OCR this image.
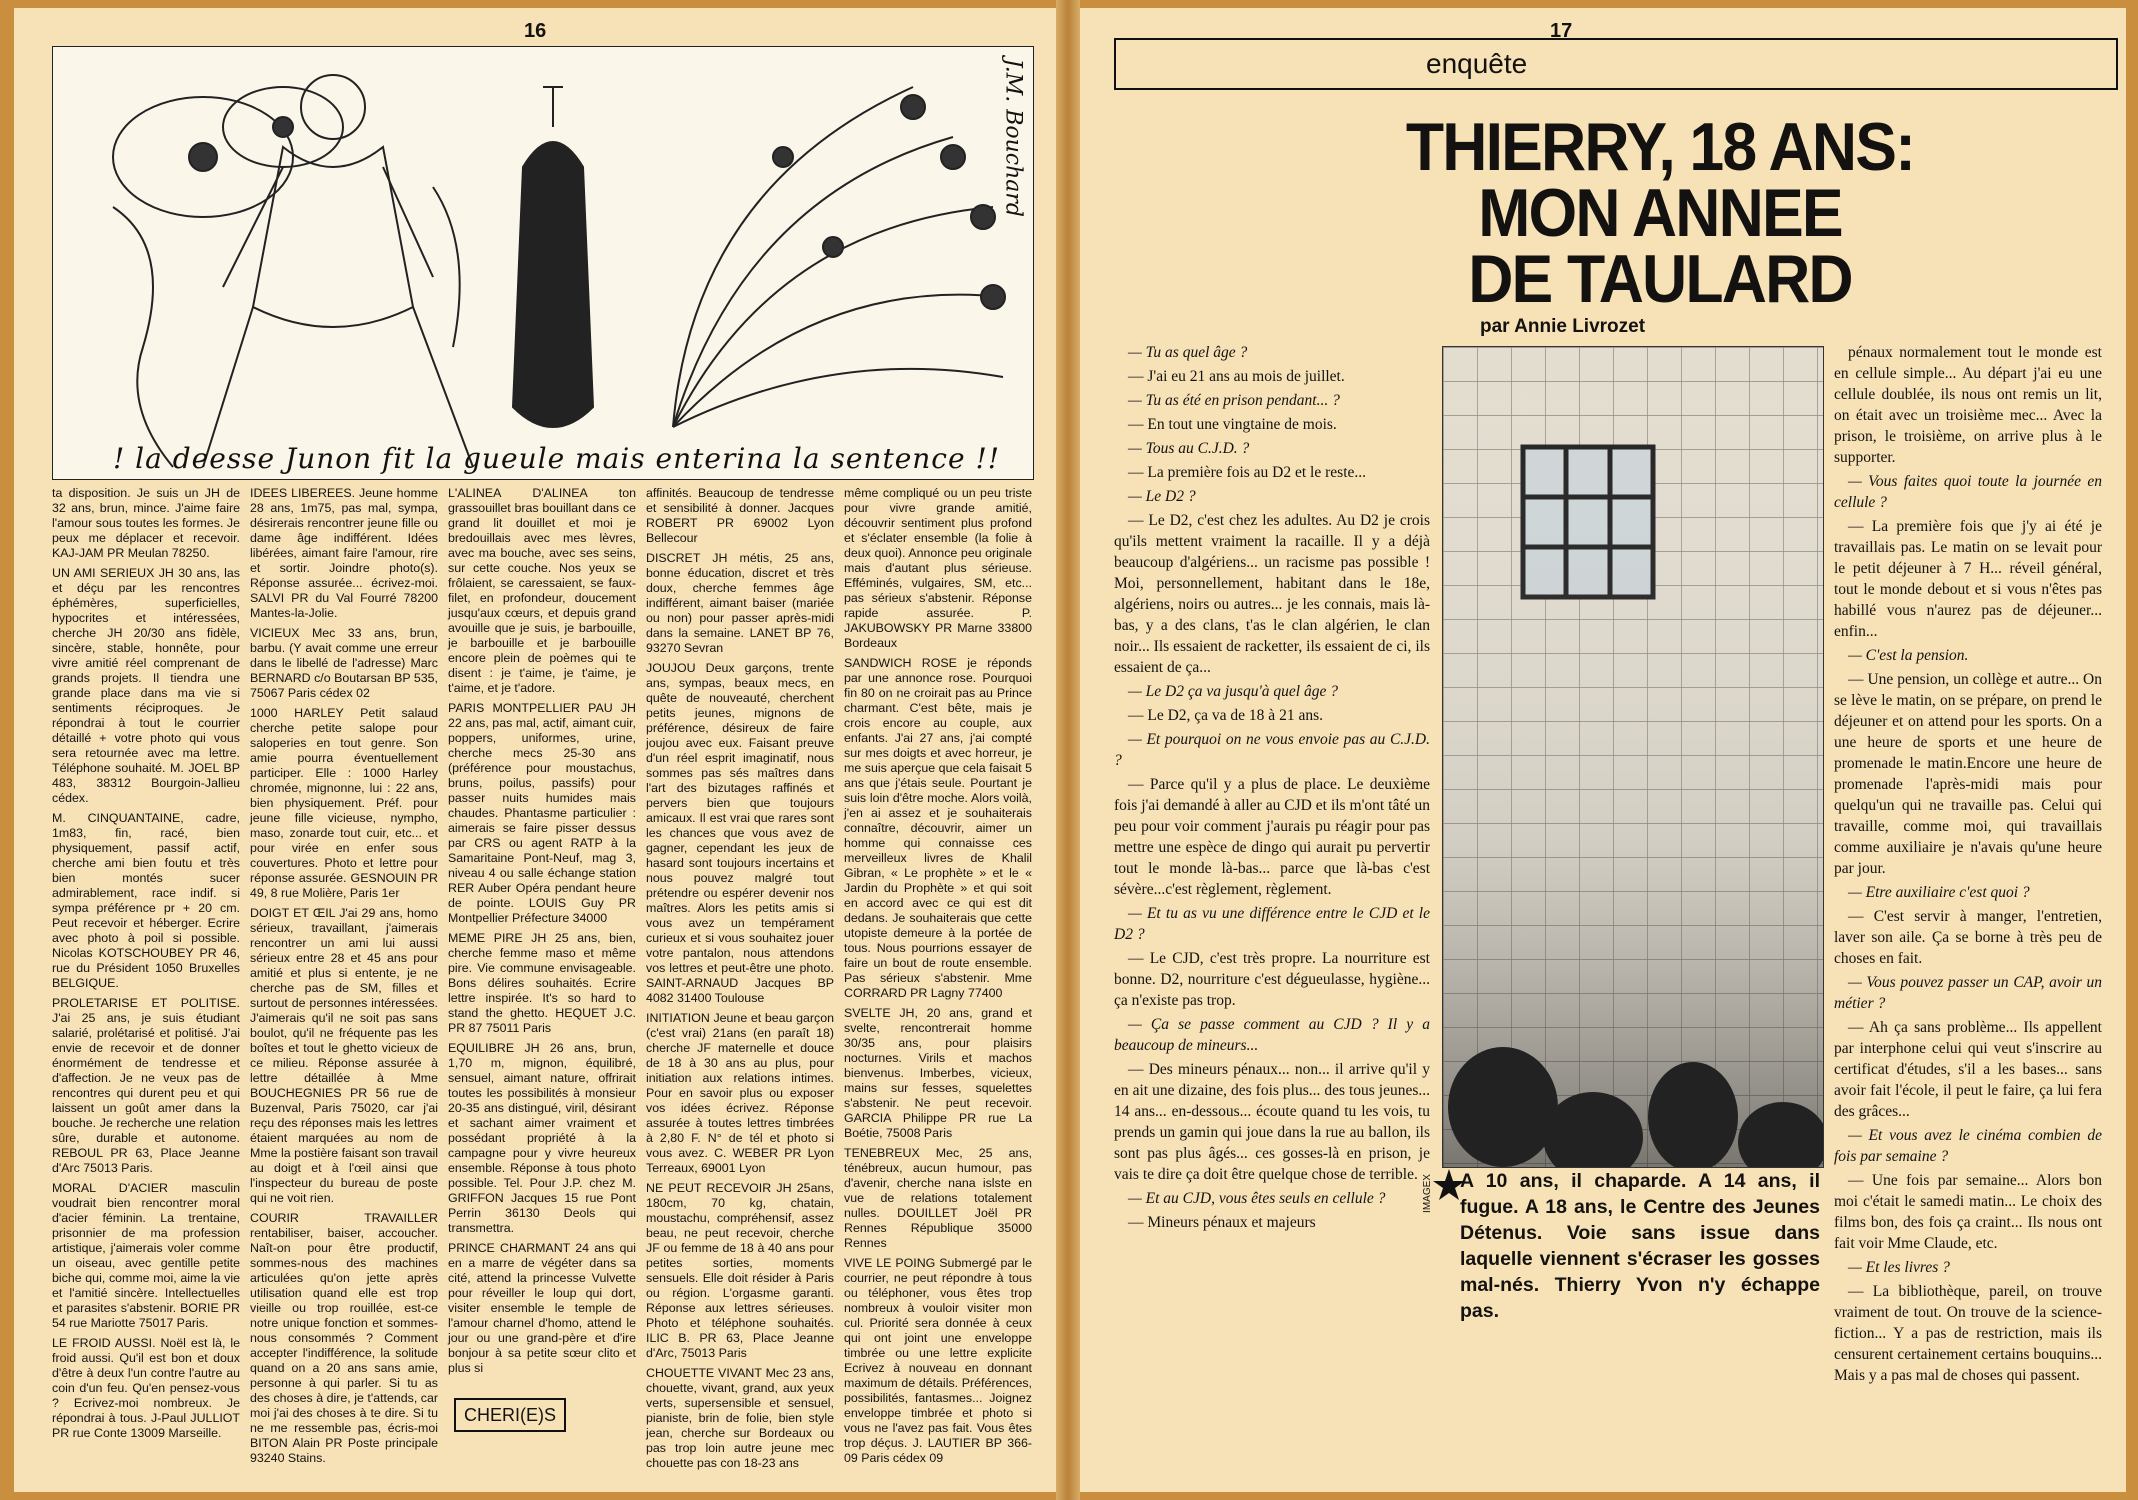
16
! la deesse Junon fit la gueule mais enterina la sentence !!
J.M. Bouchard

ta disposition. Je suis un JH de 32 ans, brun, mince. J'aime faire l'amour sous toutes les formes. Je peux me déplacer et recevoir. KAJ-JAM PR Meulan 78250.

UN AMI SERIEUX JH 30 ans, las et déçu par les rencontres éphémères, superficielles, hypocrites et intéressées, cherche JH 20/30 ans fidèle, sincère, stable, honnête, pour vivre amitié réel comprenant de grands projets. Il tiendra une grande place dans ma vie si sentiments réciproques. Je répondrai à tout le courrier détaillé + votre photo qui vous sera retournée avec ma lettre. Téléphone souhaité. M. JOEL BP 483, 38312 Bourgoin-Jallieu cédex.

M. CINQUANTAINE, cadre, 1m83, fin, racé, bien physiquement, passif actif, cherche ami bien foutu et très bien montés sucer admirablement, race indif. si sympa préférence pr + 20 cm. Peut recevoir et héberger. Ecrire avec photo à poil si possible. Nicolas KOTSCHOUBEY PR 46, rue du Président 1050 Bruxelles BELGIQUE.

PROLETARISE ET POLITISE. J'ai 25 ans, je suis étudiant salarié, prolétarisé et politisé. J'ai envie de recevoir et de donner énormément de tendresse et d'affection. Je ne veux pas de rencontres qui durent peu et qui laissent un goût amer dans la bouche. Je recherche une relation sûre, durable et autonome. REBOUL PR 63, Place Jeanne d'Arc 75013 Paris.

MORAL D'ACIER masculin voudrait bien rencontrer moral d'acier féminin. La trentaine, prisonnier de ma profession artistique, j'aimerais voler comme un oiseau, avec gentille petite biche qui, comme moi, aime la vie et l'amitié sincère. Intellectuelles et parasites s'abstenir. BORIE PR 54 rue Mariotte 75017 Paris.

LE FROID AUSSI. Noël est là, le froid aussi. Qu'il est bon et doux d'être à deux l'un contre l'autre au coin d'un feu. Qu'en pensez-vous ? Ecrivez-moi nombreux. Je répondrai à tous. J-Paul JULLIOT PR rue Conte 13009 Marseille.

IDEES LIBEREES. Jeune homme 28 ans, 1m75, pas mal, sympa, désirerais rencontrer jeune fille ou dame âge indifférent. Idées libérées, aimant faire l'amour, rire et sortir. Joindre photo(s). Réponse assurée... écrivez-moi. SALVI PR du Val Fourré 78200 Mantes-la-Jolie.

VICIEUX Mec 33 ans, brun, barbu. (Y avait comme une erreur dans le libellé de l'adresse) Marc BERNARD c/o Boutarsan BP 535, 75067 Paris cédex 02

1000 HARLEY Petit salaud cherche petite salope pour saloperies en tout genre. Son amie pourra éventuellement participer. Elle : 1000 Harley chromée, mignonne, lui : 22 ans, bien physiquement. Préf. pour jeune fille vicieuse, nympho, maso, zonarde tout cuir, etc... et pour virée en enfer sous couvertures. Photo et lettre pour réponse assurée. GESNOUIN PR 49, 8 rue Molière, Paris 1er

DOIGT ET ŒIL J'ai 29 ans, homo sérieux, travaillant, j'aimerais rencontrer un ami lui aussi sérieux entre 28 et 45 ans pour amitié et plus si entente, je ne cherche pas de SM, filles et surtout de personnes intéressées. J'aimerais qu'il ne soit pas sans boulot, qu'il ne fréquente pas les boîtes et tout le ghetto vicieux de ce milieu. Réponse assurée à lettre détaillée à Mme BOUCHEGNIES PR 56 rue de Buzenval, Paris 75020, car j'ai reçu des réponses mais les lettres étaient marquées au nom de Mme la postière faisant son travail au doigt et à l'œil ainsi que l'inspecteur du bureau de poste qui ne voit rien.

COURIR TRAVAILLER rentabiliser, baiser, accoucher. Naît-on pour être productif, sommes-nous des machines articulées qu'on jette après utilisation quand elle est trop vieille ou trop rouillée, est-ce notre unique fonction et sommes-nous consommés ? Comment accepter l'indifférence, la solitude quand on a 20 ans sans amie, personne à qui parler. Si tu as des choses à dire, je t'attends, car moi j'ai des choses à te dire. Si tu ne me ressemble pas, écris-moi BITON Alain PR Poste principale 93240 Stains.

L'ALINEA D'ALINEA ton grassouillet bras bouillant dans ce grand lit douillet et moi je bredouillais avec mes lèvres, avec ma bouche, avec ses seins, sur cette couche. Nos yeux se frôlaient, se caressaient, se faux-filet, en profondeur, doucement jusqu'aux cœurs, et depuis grand avouille que je suis, je barbouille, je barbouille et je barbouille encore plein de poèmes qui te disent : je t'aime, je t'aime, je t'aime, et je t'adore.

PARIS MONTPELLIER PAU JH 22 ans, pas mal, actif, aimant cuir, poppers, uniformes, urine, cherche mecs 25-30 ans (préférence pour moustachus, bruns, poilus, passifs) pour passer nuits humides mais chaudes. Phantasme particulier : aimerais se faire pisser dessus par CRS ou agent RATP à la Samaritaine Pont-Neuf, mag 3, niveau 4 ou salle échange station RER Auber Opéra pendant heure de pointe. LOUIS Guy PR Montpellier Préfecture 34000

MEME PIRE JH 25 ans, bien, cherche femme maso et même pire. Vie commune envisageable. Bons délires souhaités. Ecrire lettre inspirée. It's so hard to stand the ghetto. HEQUET J.C. PR 87 75011 Paris

EQUILIBRE JH 26 ans, brun, 1,70 m, mignon, équilibré, sensuel, aimant nature, offrirait toutes les possibilités à monsieur 20-35 ans distingué, viril, désirant et sachant aimer vraiment et possédant propriété à la campagne pour y vivre heureux ensemble. Réponse à tous photo possible. Tel. Pour J.P. chez M. GRIFFON Jacques 15 rue Pont Perrin 36130 Deols qui transmettra.

PRINCE CHARMANT 24 ans qui en a marre de végéter dans sa cité, attend la princesse Vulvette pour réveiller le loup qui dort, visiter ensemble le temple de l'amour charnel d'homo, attend le jour ou une grand-père et d'ire bonjour à sa petite sœur clito et plus si

affinités. Beaucoup de tendresse et sensibilité à donner. Jacques ROBERT PR 69002 Lyon Bellecour

DISCRET JH métis, 25 ans, bonne éducation, discret et très doux, cherche femmes âge indifférent, aimant baiser (mariée ou non) pour passer après-midi dans la semaine. LANET BP 76, 93270 Sevran

JOUJOU Deux garçons, trente ans, sympas, beaux mecs, en quête de nouveauté, cherchent petits jeunes, mignons de préférence, désireux de faire joujou avec eux. Faisant preuve d'un réel esprit imaginatif, nous sommes pas sés maîtres dans l'art des bizutages raffinés et pervers bien que toujours amicaux. Il est vrai que rares sont les chances que vous avez de gagner, cependant les jeux de hasard sont toujours incertains et nous pouvez malgré tout prétendre ou espérer devenir nos maîtres. Alors les petits amis si vous avez un tempérament curieux et si vous souhaitez jouer votre pantalon, nous attendons vos lettres et peut-être une photo. SAINT-ARNAUD Jacques BP 4082 31400 Toulouse

INITIATION Jeune et beau garçon (c'est vrai) 21ans (en paraît 18) cherche JF maternelle et douce de 18 à 30 ans au plus, pour initiation aux relations intimes. Pour en savoir plus ou exposer vos idées écrivez. Réponse assurée à toutes lettres timbrées à 2,80 F. N° de tél et photo si vous avez. C. WEBER PR Lyon Terreaux, 69001 Lyon

NE PEUT RECEVOIR JH 25ans, 180cm, 70 kg, chatain, moustachu, compréhensif, assez beau, ne peut recevoir, cherche JF ou femme de 18 à 40 ans pour petites sorties, moments sensuels. Elle doit résider à Paris ou région. L'orgasme garanti. Réponse aux lettres sérieuses. Photo et téléphone souhaités. ILIC B. PR 63, Place Jeanne d'Arc, 75013 Paris

CHOUETTE VIVANT Mec 23 ans, chouette, vivant, grand, aux yeux verts, supersensible et sensuel, pianiste, brin de folie, bien style jean, cherche sur Bordeaux ou pas trop loin autre jeune mec chouette pas con 18-23 ans

même compliqué ou un peu triste pour vivre grande amitié, découvrir sentiment plus profond et s'éclater ensemble (la folie à deux quoi). Annonce peu originale mais d'autant plus sérieuse. Efféminés, vulgaires, SM, etc... pas sérieux s'abstenir. Réponse rapide assurée. P. JAKUBOWSKY PR Marne 33800 Bordeaux

SANDWICH ROSE je réponds par une annonce rose. Pourquoi fin 80 on ne croirait pas au Prince charmant. C'est bête, mais je crois encore au couple, aux enfants. J'ai 27 ans, j'ai compté sur mes doigts et avec horreur, je me suis aperçue que cela faisait 5 ans que j'étais seule. Pourtant je suis loin d'être moche. Alors voilà, j'en ai assez et je souhaiterais connaître, découvrir, aimer un homme qui connaisse ces merveilleux livres de Khalil Gibran, « Le prophète » et le « Jardin du Prophète » et qui soit en accord avec ce qui est dit dedans. Je souhaiterais que cette utopiste demeure à la portée de tous. Nous pourrions essayer de faire un bout de route ensemble. Pas sérieux s'abstenir. Mme CORRARD PR Lagny 77400

SVELTE JH, 20 ans, grand et svelte, rencontrerait homme 30/35 ans, pour plaisirs nocturnes. Virils et machos bienvenus. Imberbes, vicieux, mains sur fesses, squelettes s'abstenir. Ne peut recevoir. GARCIA Philippe PR rue La Boétie, 75008 Paris

TENEBREUX Mec, 25 ans, ténébreux, aucun humour, pas d'avenir, cherche nana islste en vue de relations totalement nulles. DOUILLET Joël PR Rennes République 35000 Rennes

VIVE LE POING Submergé par le courrier, ne peut répondre à tous ou téléphoner, vous êtes trop nombreux à vouloir visiter mon cul. Priorité sera donnée à ceux qui ont joint une enveloppe timbrée ou une lettre explicite Ecrivez à nouveau en donnant maximum de détails. Préférences, possibilités, fantasmes... Joignez enveloppe timbrée et photo si vous ne l'avez pas fait. Vous êtes trop déçus. J. LAUTIER BP 366-09 Paris cédex 09

CHERI(E)S
17
enquête
THIERRY, 18 ANS:
MON ANNEE
DE TAULARD
par Annie Livrozet

— Tu as quel âge ?

— J'ai eu 21 ans au mois de juillet.

— Tu as été en prison pendant... ?

— En tout une vingtaine de mois.

— Tous au C.J.D. ?

— La première fois au D2 et le reste...

— Le D2 ?

— Le D2, c'est chez les adultes. Au D2 je crois qu'ils mettent vraiment la racaille. Il y a déjà beaucoup d'algériens... un racisme pas possible ! Moi, personnellement, habitant dans le 18e, algériens, noirs ou autres... je les connais, mais là-bas, y a des clans, t'as le clan algérien, le clan noir... Ils essaient de racketter, ils essaient de ci, ils essaient de ça...

— Le D2 ça va jusqu'à quel âge ?

— Le D2, ça va de 18 à 21 ans.

— Et pourquoi on ne vous envoie pas au C.J.D. ?

— Parce qu'il y a plus de place. Le deuxième fois j'ai demandé à aller au CJD et ils m'ont tâté un peu pour voir comment j'aurais pu réagir pour pas mettre une espèce de dingo qui aurait pu pervertir tout le monde là-bas... parce que là-bas c'est sévère...c'est règlement, règlement.

— Et tu as vu une différence entre le CJD et le D2 ?

— Le CJD, c'est très propre. La nourriture est bonne. D2, nourriture c'est dégueulasse, hygiène... ça n'existe pas trop.

— Ça se passe comment au CJD ? Il y a beaucoup de mineurs...

— Des mineurs pénaux... non... il arrive qu'il y en ait une dizaine, des fois plus... des tous jeunes... 14 ans... en-dessous... écoute quand tu les vois, tu prends un gamin qui joue dans la rue au ballon, ils sont pas plus âgés... ces gosses-là en prison, je vais te dire ça doit être quelque chose de terrible.

— Et au CJD, vous êtes seuls en cellule ?

— Mineurs pénaux et majeurs

IMAGEX A 10 ans, il chaparde. A 14 ans, il fugue. A 18 ans, le Centre des Jeunes Détenus. Voie sans issue dans laquelle viennent s'écraser les gosses mal-nés. Thierry Yvon n'y échappe pas.

pénaux normalement tout le monde est en cellule simple... Au départ j'ai eu une cellule doublée, ils nous ont remis un lit, on était avec un troisième mec... Avec la prison, le troisième, on arrive plus à le supporter.

— Vous faites quoi toute la journée en cellule ?

— La première fois que j'y ai été je travaillais pas. Le matin on se levait pour le petit déjeuner à 7 H... réveil général, tout le monde debout et si vous n'êtes pas habillé vous n'aurez pas de déjeuner... enfin...

— C'est la pension.

— Une pension, un collège et autre... On se lève le matin, on se prépare, on prend le déjeuner et on attend pour les sports. On a une heure de sports et une heure de promenade le matin.Encore une heure de promenade l'après-midi mais pour quelqu'un qui ne travaille pas. Celui qui travaille, comme moi, qui travaillais comme auxiliaire je n'avais qu'une heure par jour.

— Etre auxiliaire c'est quoi ?

— C'est servir à manger, l'entretien, laver son aile. Ça se borne à très peu de choses en fait.

— Vous pouvez passer un CAP, avoir un métier ?

— Ah ça sans problème... Ils appellent par interphone celui qui veut s'inscrire au certificat d'études, s'il a les bases... sans avoir fait l'école, il peut le faire, ça lui fera des grâces...

— Et vous avez le cinéma combien de fois par semaine ?

— Une fois par semaine... Alors bon moi c'était le samedi matin... Le choix des films bon, des fois ça craint... Ils nous ont fait voir Mme Claude, etc.

— Et les livres ?

— La bibliothèque, pareil, on trouve vraiment de tout. On trouve de la science-fiction... Y a pas de restriction, mais ils censurent certainement certains bouquins... Mais y a pas mal de choses qui passent.
